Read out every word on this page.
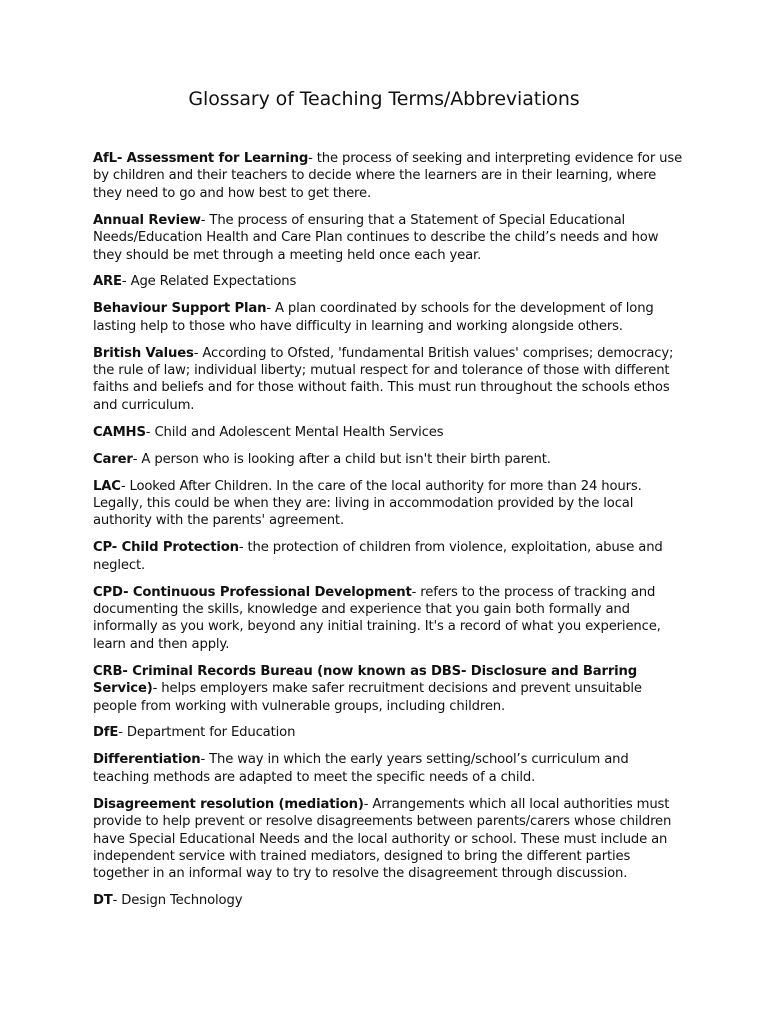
Glossary of Teaching Terms/Abbreviations

AfL- Assessment for Learning- the process of seeking and interpreting evidence for use by children and their teachers to decide where the learners are in their learning, where they need to go and how best to get there.

Annual Review- The process of ensuring that a Statement of Special Educational Needs/Education Health and Care Plan continues to describe the child’s needs and how they should be met through a meeting held once each year.

ARE- Age Related Expectations

Behaviour Support Plan- A plan coordinated by schools for the development of long lasting help to those who have difficulty in learning and working alongside others.

British Values- According to Ofsted, 'fundamental British values' comprises; democracy; the rule of law; individual liberty; mutual respect for and tolerance of those with different faiths and beliefs and for those without faith. This must run throughout the schools ethos and curriculum.

CAMHS- Child and Adolescent Mental Health Services

Carer- A person who is looking after a child but isn't their birth parent.

LAC- Looked After Children. In the care of the local authority for more than 24 hours. Legally, this could be when they are: living in accommodation provided by the local authority with the parents' agreement.

CP- Child Protection- the protection of children from violence, exploitation, abuse and neglect.

CPD- Continuous Professional Development- refers to the process of tracking and documenting the skills, knowledge and experience that you gain both formally and informally as you work, beyond any initial training. It's a record of what you experience, learn and then apply.

CRB- Criminal Records Bureau (now known as DBS- Disclosure and Barring Service)- helps employers make safer recruitment decisions and prevent unsuitable people from working with vulnerable groups, including children.

DfE- Department for Education

Differentiation- The way in which the early years setting/school’s curriculum and teaching methods are adapted to meet the specific needs of a child.

Disagreement resolution (mediation)- Arrangements which all local authorities must provide to help prevent or resolve disagreements between parents/carers whose children have Special Educational Needs and the local authority or school. These must include an independent service with trained mediators, designed to bring the different parties together in an informal way to try to resolve the disagreement through discussion.

DT- Design Technology
